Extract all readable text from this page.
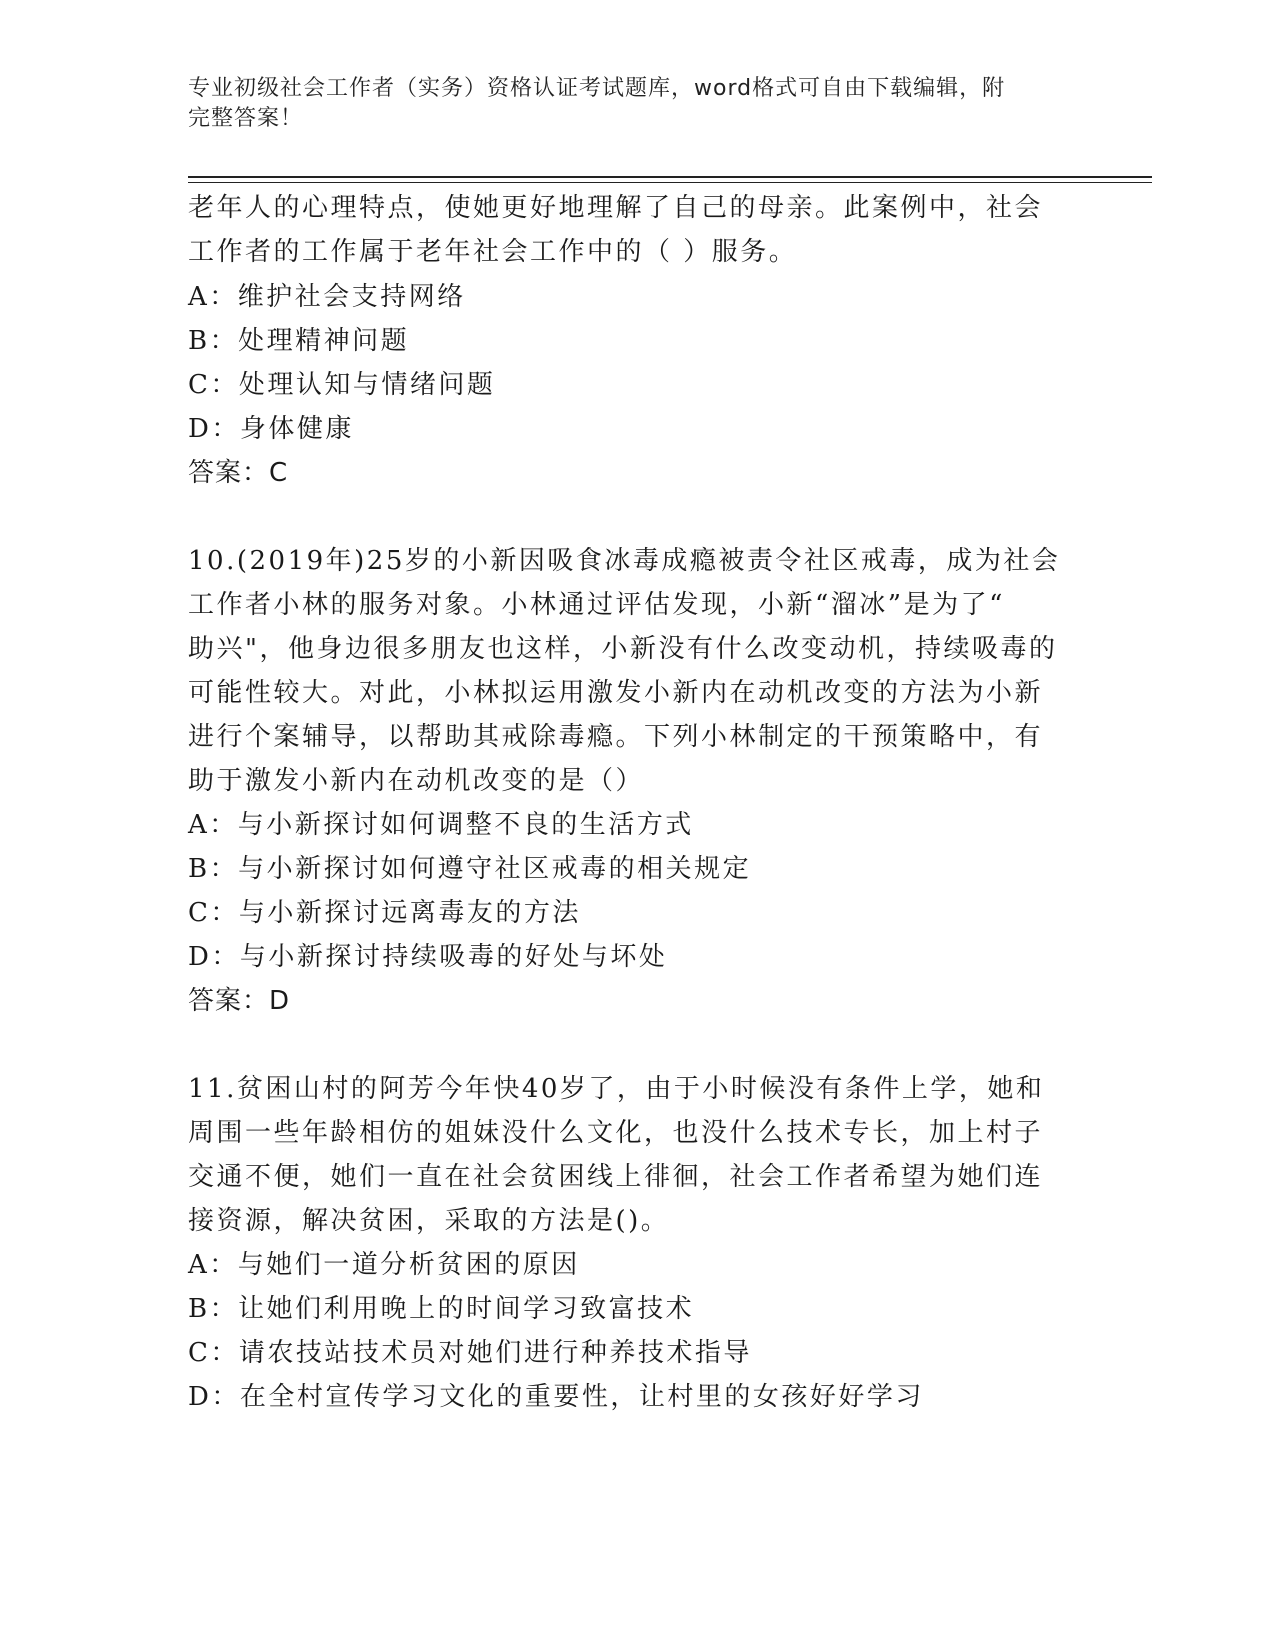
专业初级社会工作者（实务）资格认证考试题库，word格式可自由下载编辑，附
完整答案！
老年人的心理特点，使她更好地理解了自己的母亲。此案例中，社会
工作者的工作属于老年社会工作中的（ ）服务。
A：维护社会支持网络
B：处理精神问题
C：处理认知与情绪问题
D：身体健康
答案：C
10.(2019年)25岁的小新因吸食冰毒成瘾被责令社区戒毒，成为社会
工作者小林的服务对象。小林通过评估发现，小新“溜冰”是为了“
助兴"，他身边很多朋友也这样，小新没有什么改变动机，持续吸毒的
可能性较大。对此，小林拟运用激发小新内在动机改变的方法为小新
进行个案辅导，以帮助其戒除毒瘾。下列小林制定的干预策略中，有
助于激发小新内在动机改变的是（）
A：与小新探讨如何调整不良的生活方式
B：与小新探讨如何遵守社区戒毒的相关规定
C：与小新探讨远离毒友的方法
D：与小新探讨持续吸毒的好处与坏处
答案：D
11.贫困山村的阿芳今年快40岁了，由于小时候没有条件上学，她和
周围一些年龄相仿的姐妹没什么文化，也没什么技术专长，加上村子
交通不便，她们一直在社会贫困线上徘徊，社会工作者希望为她们连
接资源，解决贫困，采取的方法是()。
A：与她们一道分析贫困的原因
B：让她们利用晚上的时间学习致富技术
C：请农技站技术员对她们进行种养技术指导
D：在全村宣传学习文化的重要性，让村里的女孩好好学习
